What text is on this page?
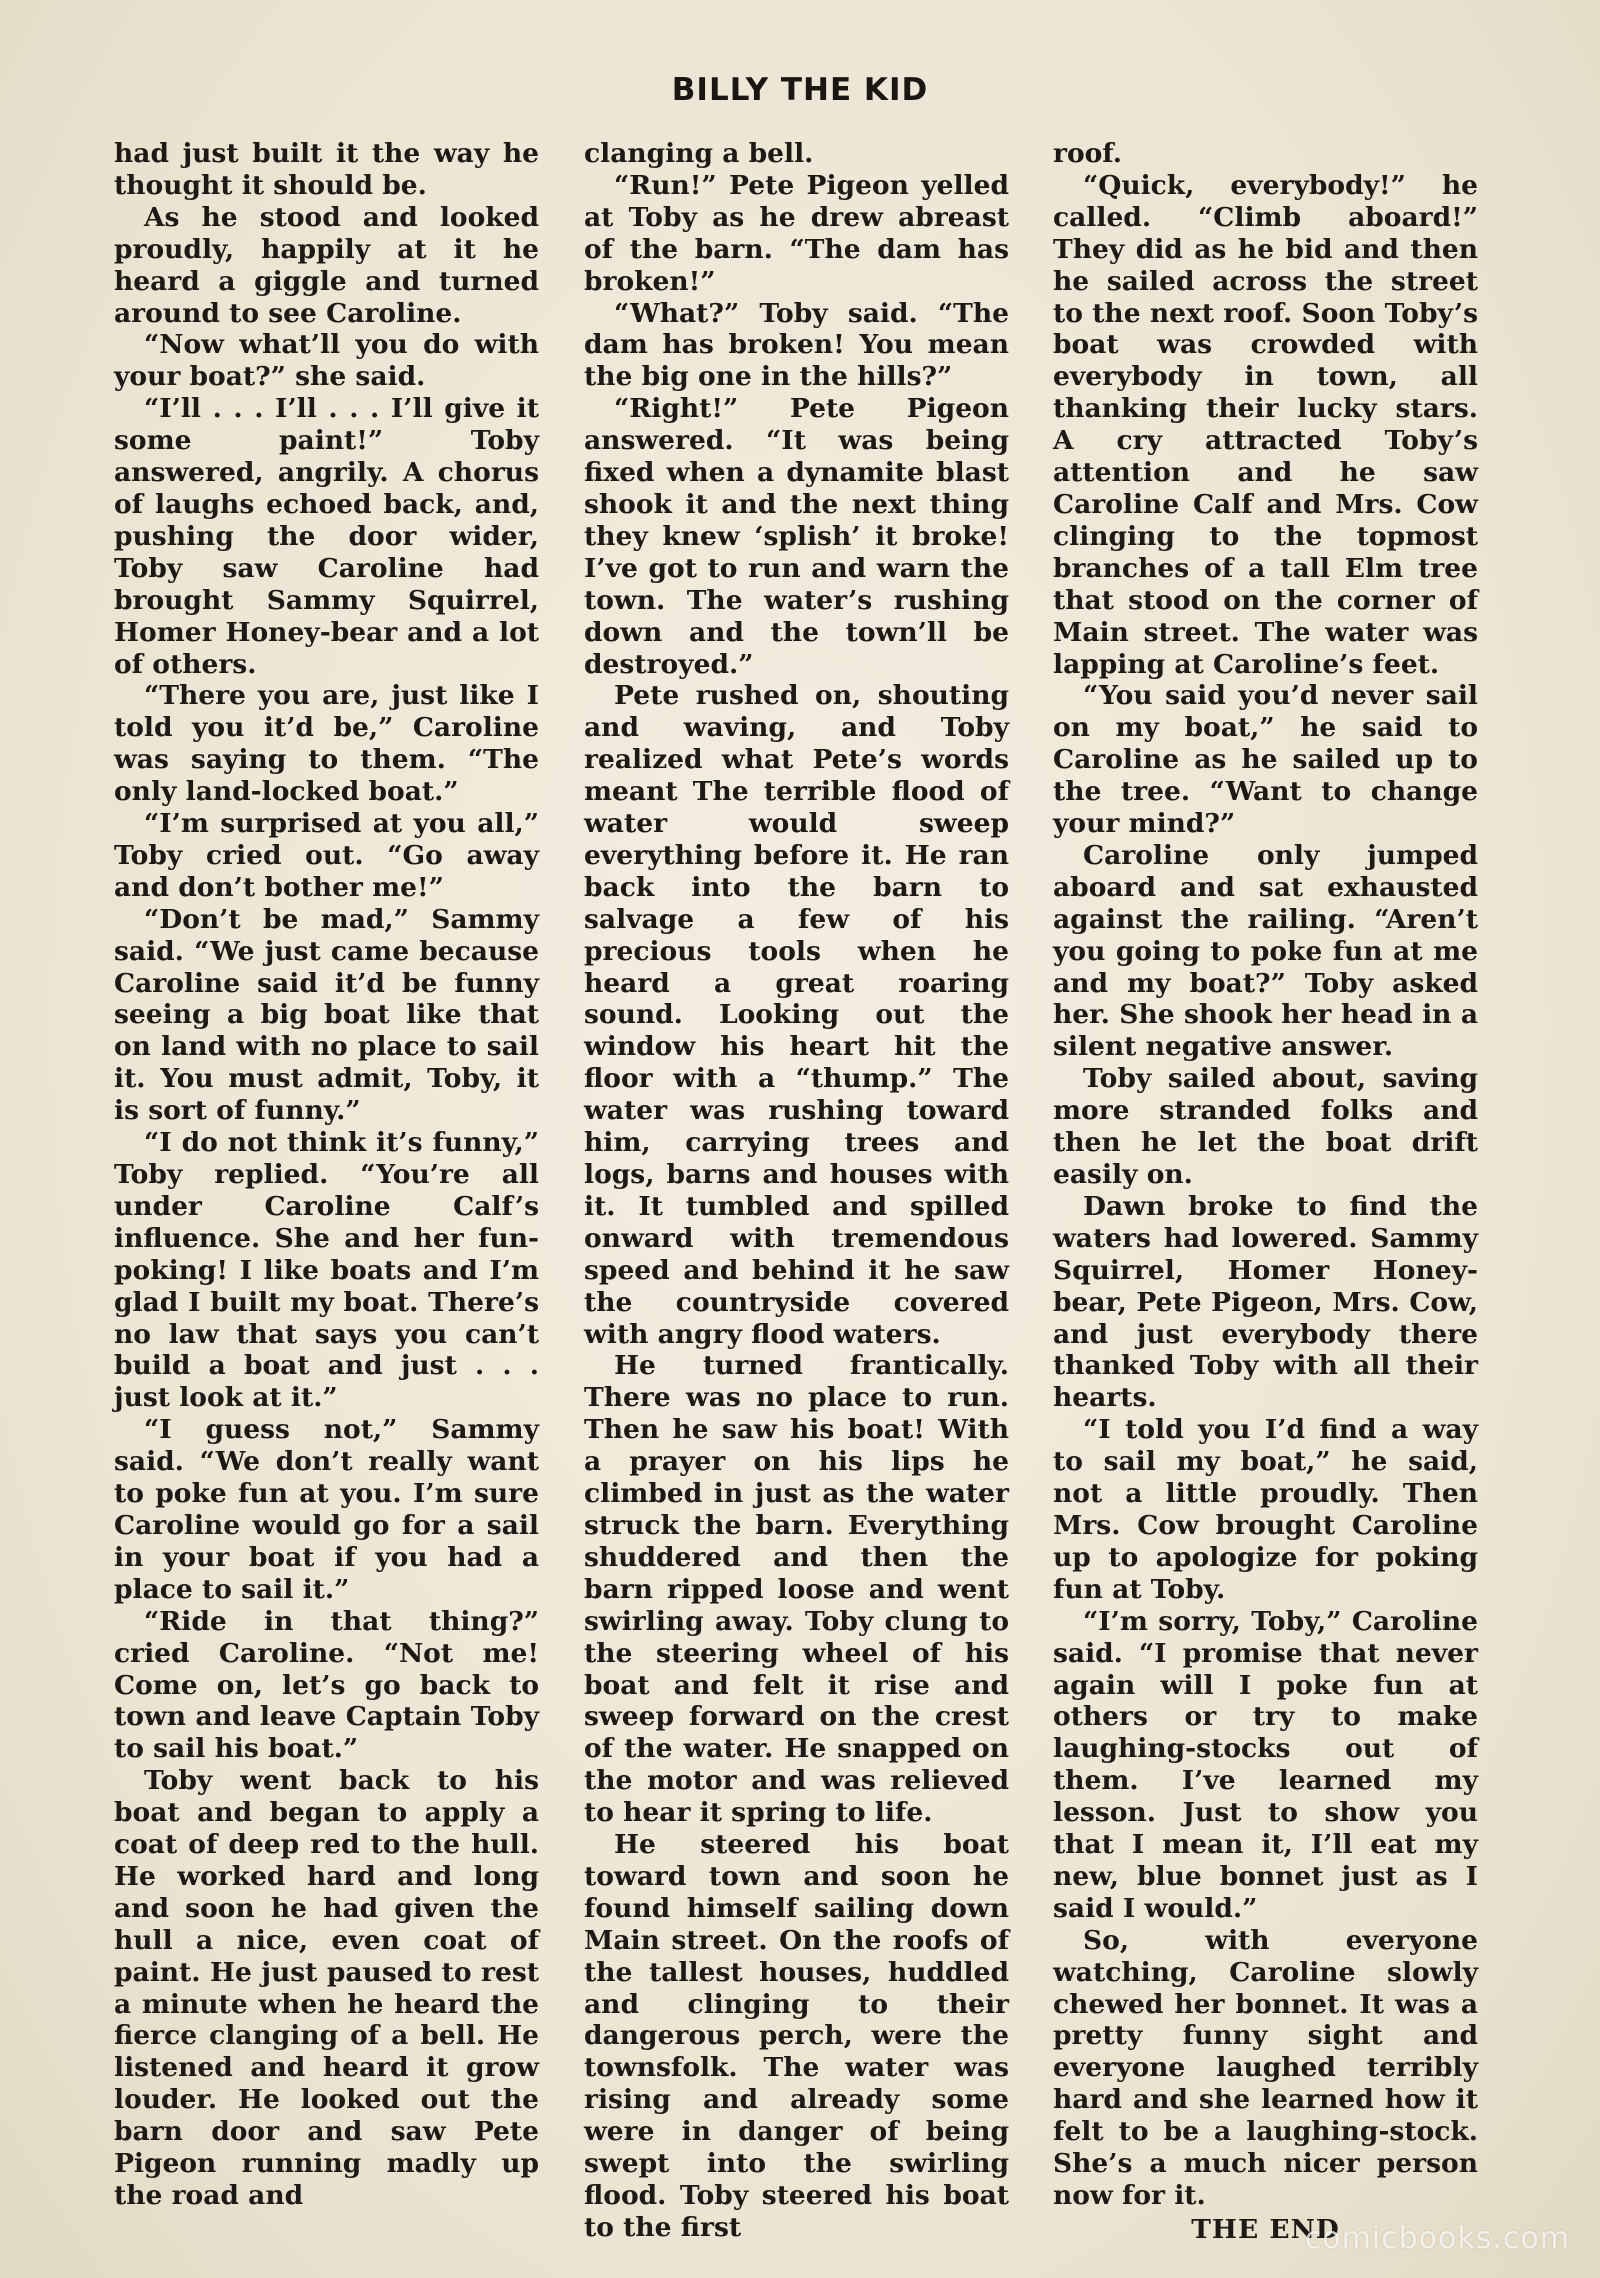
BILLY THE KID

had just built it the way he thought it should be.

As he stood and looked proudly, happily at it he heard a giggle and turned around to see Caroline.

“Now what’ll you do with your boat?” she said.

“I’ll . . . I’ll . . . I’ll give it some paint!” Toby answered, angrily. A chorus of laughs echoed back, and, pushing the door wider, Toby saw Caroline had brought Sammy Squirrel, Homer Honey-bear and a lot of others.

“There you are, just like I told you it’d be,” Caroline was saying to them. “The only land-locked boat.”

“I’m surprised at you all,” Toby cried out. “Go away and don’t bother me!”

“Don’t be mad,” Sammy said. “We just came because Caroline said it’d be funny seeing a big boat like that on land with no place to sail it. You must admit, Toby, it is sort of funny.”

“I do not think it’s funny,” Toby replied. “You’re all under Caroline Calf’s influence. She and her fun-poking! I like boats and I’m glad I built my boat. There’s no law that says you can’t build a boat and just . . . just look at it.”

“I guess not,” Sammy said. “We don’t really want to poke fun at you. I’m sure Caroline would go for a sail in your boat if you had a place to sail it.”

“Ride in that thing?” cried Caroline. “Not me! Come on, let’s go back to town and leave Captain Toby to sail his boat.”

Toby went back to his boat and began to apply a coat of deep red to the hull. He worked hard and long and soon he had given the hull a nice, even coat of paint. He just paused to rest a minute when he heard the fierce clanging of a bell. He listened and heard it grow louder. He looked out the barn door and saw Pete Pigeon running madly up the road and

clanging a bell.

“Run!” Pete Pigeon yelled at Toby as he drew abreast of the barn. “The dam has broken!”

“What?” Toby said. “The dam has broken! You mean the big one in the hills?”

“Right!” Pete Pigeon answered. “It was being fixed when a dynamite blast shook it and the next thing they knew ‘splish’ it broke! I’ve got to run and warn the town. The water’s rushing down and the town’ll be destroyed.”

Pete rushed on, shouting and waving, and Toby realized what Pete’s words meant The terrible flood of water would sweep everything before it. He ran back into the barn to salvage a few of his precious tools when he heard a great roaring sound. Looking out the window his heart hit the floor with a “thump.” The water was rushing toward him, carrying trees and logs, barns and houses with it. It tumbled and spilled onward with tremendous speed and behind it he saw the countryside covered with angry flood waters.

He turned frantically. There was no place to run. Then he saw his boat! With a prayer on his lips he climbed in just as the water struck the barn. Everything shuddered and then the barn ripped loose and went swirling away. Toby clung to the steering wheel of his boat and felt it rise and sweep forward on the crest of the water. He snapped on the motor and was relieved to hear it spring to life.

He steered his boat toward town and soon he found himself sailing down Main street. On the roofs of the tallest houses, huddled and clinging to their dangerous perch, were the townsfolk. The water was rising and already some were in danger of being swept into the swirling flood. Toby steered his boat to the first

roof.

“Quick, everybody!” he called. “Climb aboard!” They did as he bid and then he sailed across the street to the next roof. Soon Toby’s boat was crowded with everybody in town, all thanking their lucky stars. A cry attracted Toby’s attention and he saw Caroline Calf and Mrs. Cow clinging to the topmost branches of a tall Elm tree that stood on the corner of Main street. The water was lapping at Caroline’s feet.

“You said you’d never sail on my boat,” he said to Caroline as he sailed up to the tree. “Want to change your mind?”

Caroline only jumped aboard and sat exhausted against the railing. “Aren’t you going to poke fun at me and my boat?” Toby asked her. She shook her head in a silent negative answer.

Toby sailed about, saving more stranded folks and then he let the boat drift easily on.

Dawn broke to find the waters had lowered. Sammy Squirrel, Homer Honey-bear, Pete Pigeon, Mrs. Cow, and just everybody there thanked Toby with all their hearts.

“I told you I’d find a way to sail my boat,” he said, not a little proudly. Then Mrs. Cow brought Caroline up to apologize for poking fun at Toby.

“I’m sorry, Toby,” Caroline said. “I promise that never again will I poke fun at others or try to make laughing-stocks out of them. I’ve learned my lesson. Just to show you that I mean it, I’ll eat my new, blue bonnet just as I said I would.”

So, with everyone watching, Caroline slowly chewed her bonnet. It was a pretty funny sight and everyone laughed terribly hard and she learned how it felt to be a laughing-stock. She’s a much nicer person now for it.

THE END

comicbooks.com
